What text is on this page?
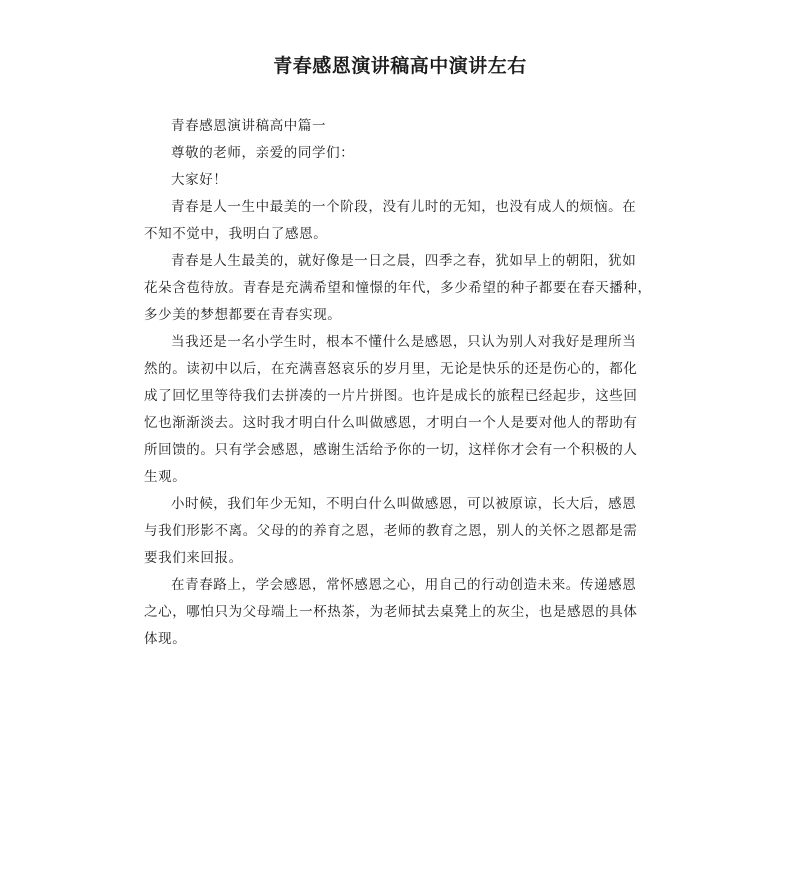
青春感恩演讲稿高中演讲左右

青春感恩演讲稿高中篇一

尊敬的老师，亲爱的同学们：

大家好！

青春是人一生中最美的一个阶段，没有儿时的无知，也没有成人的烦恼。在
不知不觉中，我明白了感恩。

青春是人生最美的，就好像是一日之晨，四季之春，犹如早上的朝阳，犹如
花朵含苞待放。青春是充满希望和憧憬的年代，多少希望的种子都要在春天播种，
多少美的梦想都要在青春实现。

当我还是一名小学生时，根本不懂什么是感恩，只认为别人对我好是理所当
然的。读初中以后，在充满喜怒哀乐的岁月里，无论是快乐的还是伤心的，都化
成了回忆里等待我们去拼凑的一片片拼图。也许是成长的旅程已经起步，这些回
忆也渐渐淡去。这时我才明白什么叫做感恩，才明白一个人是要对他人的帮助有
所回馈的。只有学会感恩，感谢生活给予你的一切，这样你才会有一个积极的人
生观。

小时候，我们年少无知，不明白什么叫做感恩，可以被原谅，长大后，感恩
与我们形影不离。父母的的养育之恩，老师的教育之恩，别人的关怀之恩都是需
要我们来回报。

在青春路上，学会感恩，常怀感恩之心，用自己的行动创造未来。传递感恩
之心，哪怕只为父母端上一杯热茶，为老师拭去桌凳上的灰尘，也是感恩的具体
体现。
